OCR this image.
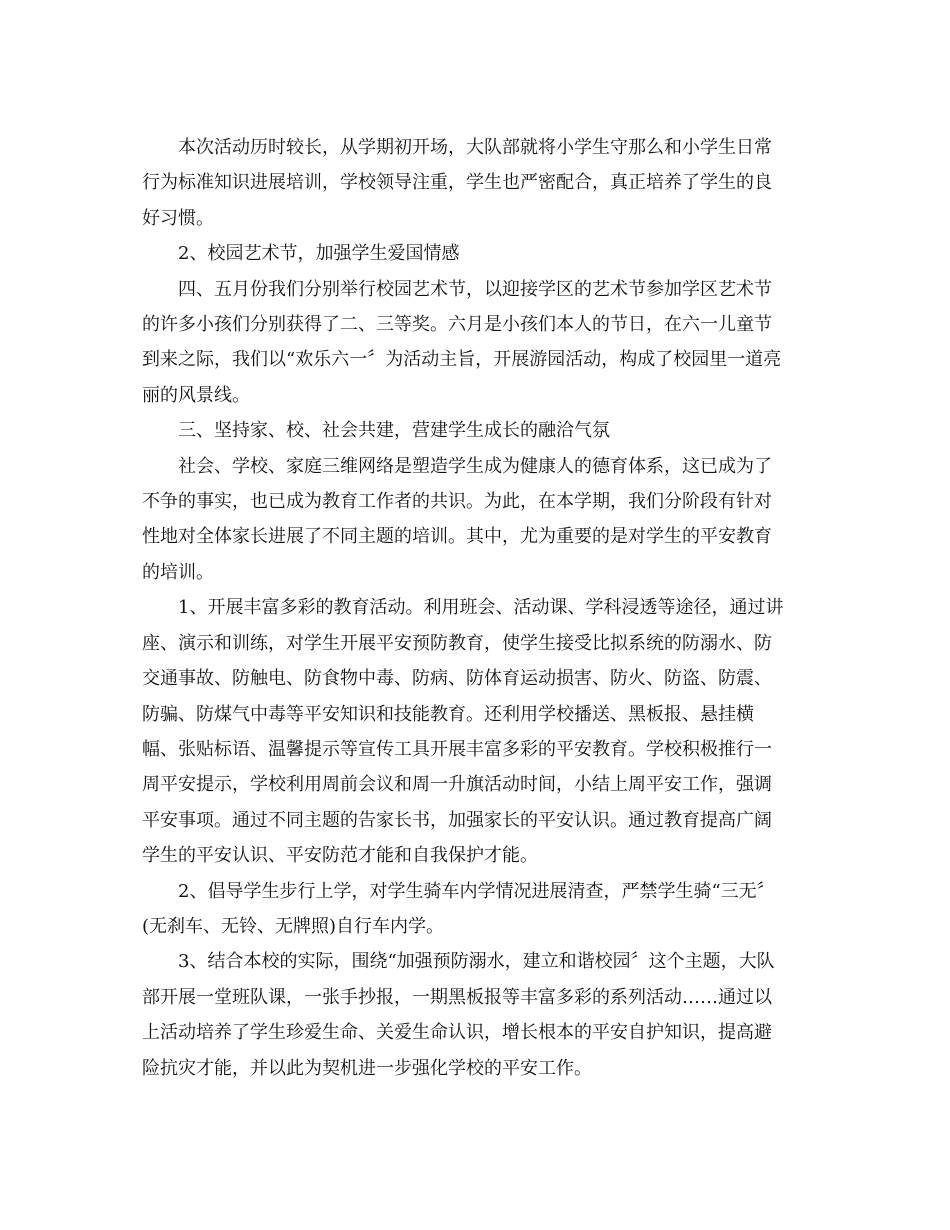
本次活动历时较长，从学期初开场，大队部就将小学生守那么和小学生日常
行为标准知识进展培训，学校领导注重，学生也严密配合，真正培养了学生的良
好习惯。
2、校园艺术节，加强学生爱国情感
四、五月份我们分别举行校园艺术节，以迎接学区的艺术节参加学区艺术节
的许多小孩们分别获得了二、三等奖。六月是小孩们本人的节日，在六一儿童节
到来之际，我们以“欢乐六一〞为活动主旨，开展游园活动，构成了校园里一道亮
丽的风景线。
三、坚持家、校、社会共建，营建学生成长的融洽气氛
社会、学校、家庭三维网络是塑造学生成为健康人的德育体系，这已成为了
不争的事实，也已成为教育工作者的共识。为此，在本学期，我们分阶段有针对
性地对全体家长进展了不同主题的培训。其中，尤为重要的是对学生的平安教育
的培训。
1、开展丰富多彩的教育活动。利用班会、活动课、学科浸透等途径，通过讲
座、演示和训练，对学生开展平安预防教育，使学生接受比拟系统的防溺水、防
交通事故、防触电、防食物中毒、防病、防体育运动损害、防火、防盗、防震、
防骗、防煤气中毒等平安知识和技能教育。还利用学校播送、黑板报、悬挂横
幅、张贴标语、温馨提示等宣传工具开展丰富多彩的平安教育。学校积极推行一
周平安提示，学校利用周前会议和周一升旗活动时间，小结上周平安工作，强调
平安事项。通过不同主题的告家长书，加强家长的平安认识。通过教育提高广阔
学生的平安认识、平安防范才能和自我保护才能。
2、倡导学生步行上学，对学生骑车内学情况进展清查，严禁学生骑“三无〞
(无刹车、无铃、无牌照)自行车内学。
3、结合本校的实际，围绕“加强预防溺水，建立和谐校园〞这个主题，大队
部开展一堂班队课，一张手抄报，一期黑板报等丰富多彩的系列活动……通过以
上活动培养了学生珍爱生命、关爱生命认识，增长根本的平安自护知识，提高避
险抗灾才能，并以此为契机进一步强化学校的平安工作。
